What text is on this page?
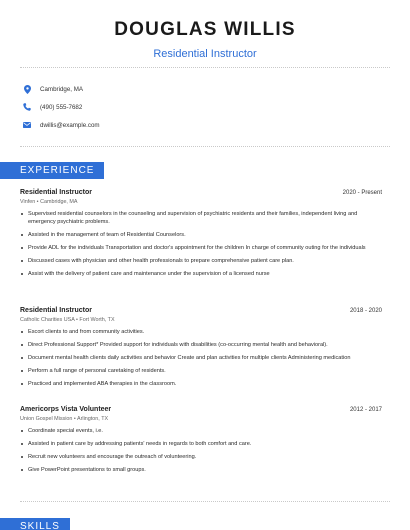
DOUGLAS WILLIS
Residential Instructor
Cambridge, MA
(490) 555-7682
dwillis@example.com
EXPERIENCE
Residential Instructor	2020 - Present
Vinfen • Cambridge, MA
Supervised residential counselors in the counseling and supervision of psychiatric residents and their families, independent living and emergency psychiatric problems.
Assisted in the management of team of Residential Counselors.
Provide ADL for the individuals Transportation and doctor's appointment for the children In charge of community outing for the individuals
Discussed cases with physician and other health professionals to prepare comprehensive patient care plan.
Assist with the delivery of patient care and maintenance under the supervision of a licensed nurse
Residential Instructor	2018 - 2020
Catholic Charities USA • Fort Worth, TX
Escort clients to and from community activities.
Direct Professional Support* Provided support for individuals with disabilities (co-occurring mental health and behavioral).
Document mental health clients daily activities and behavior Create and plan activities for multiple clients Administering medication
Perform a full range of personal caretaking of residents.
Practiced and implemented ABA therapies in the classroom.
Americorps Vista Volunteer	2012 - 2017
Union Gospel Mission • Arlington, TX
Coordinate special events, i.e.
Assisted in patient care by addressing patients' needs in regards to both comfort and care.
Recruit new volunteers and encourage the outreach of volunteering.
Give PowerPoint presentations to small groups.
SKILLS
